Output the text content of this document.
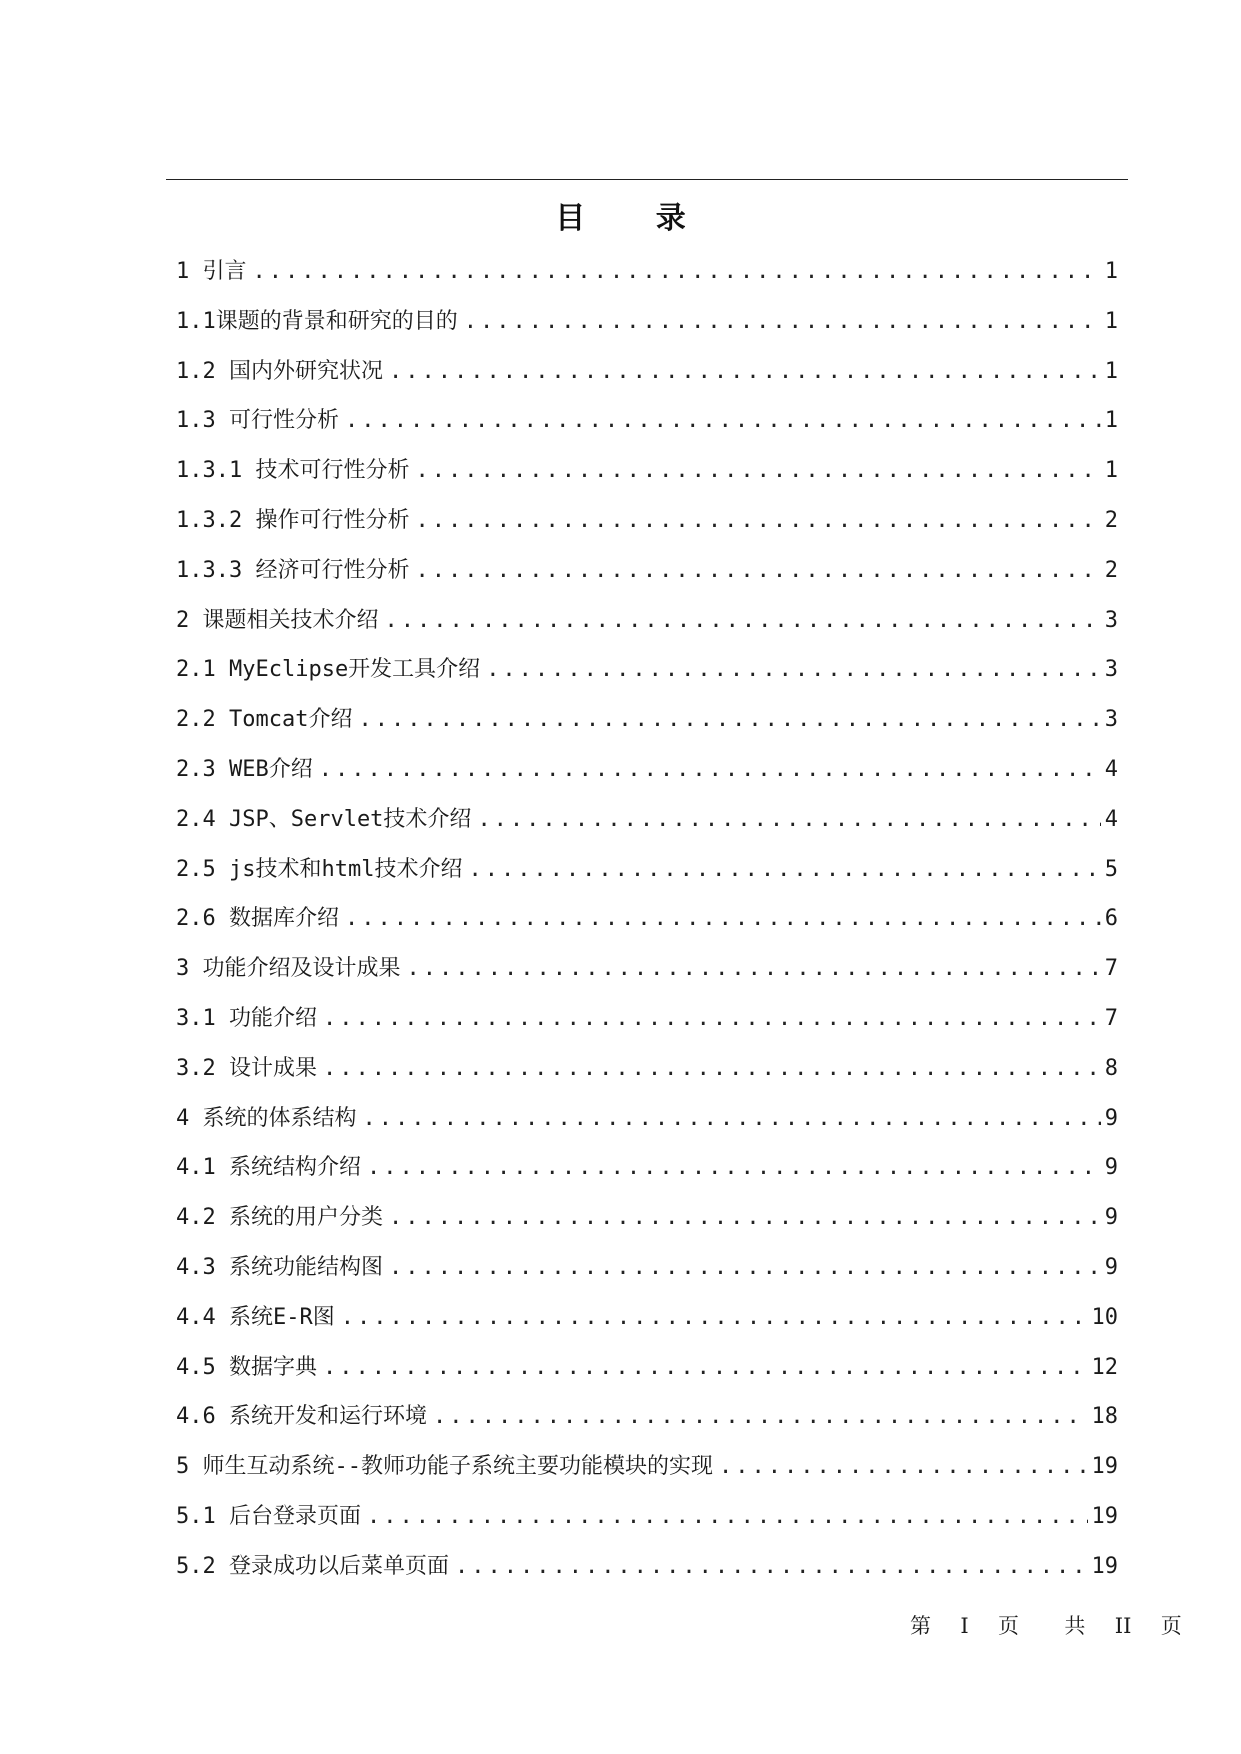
目 录
1 引言 .....	1
1.1课题的背景和研究的目的 .....	1
1.2 国内外研究状况 .....	1
1.3 可行性分析 .....	1
1.3.1 技术可行性分析 .....	1
1.3.2 操作可行性分析 .....	2
1.3.3 经济可行性分析 .....	2
2 课题相关技术介绍 .....	3
2.1 MyEclipse开发工具介绍 .....	3
2.2 Tomcat介绍 .....	3
2.3 WEB介绍 .....	4
2.4 JSP、Servlet技术介绍 .....	4
2.5 js技术和html技术介绍 .....	5
2.6 数据库介绍 .....	6
3 功能介绍及设计成果 .....	7
3.1 功能介绍 .....	7
3.2 设计成果 .....	8
4 系统的体系结构 .....	9
4.1 系统结构介绍 .....	9
4.2 系统的用户分类 .....	9
4.3 系统功能结构图 .....	9
4.4 系统E-R图 .....	10
4.5 数据字典 .....	12
4.6 系统开发和运行环境 .....	18
5 师生互动系统--教师功能子系统主要功能模块的实现 .....	19
5.1 后台登录页面 .....	19
5.2 登录成功以后菜单页面 .....	19
第 I 页 共 II 页
